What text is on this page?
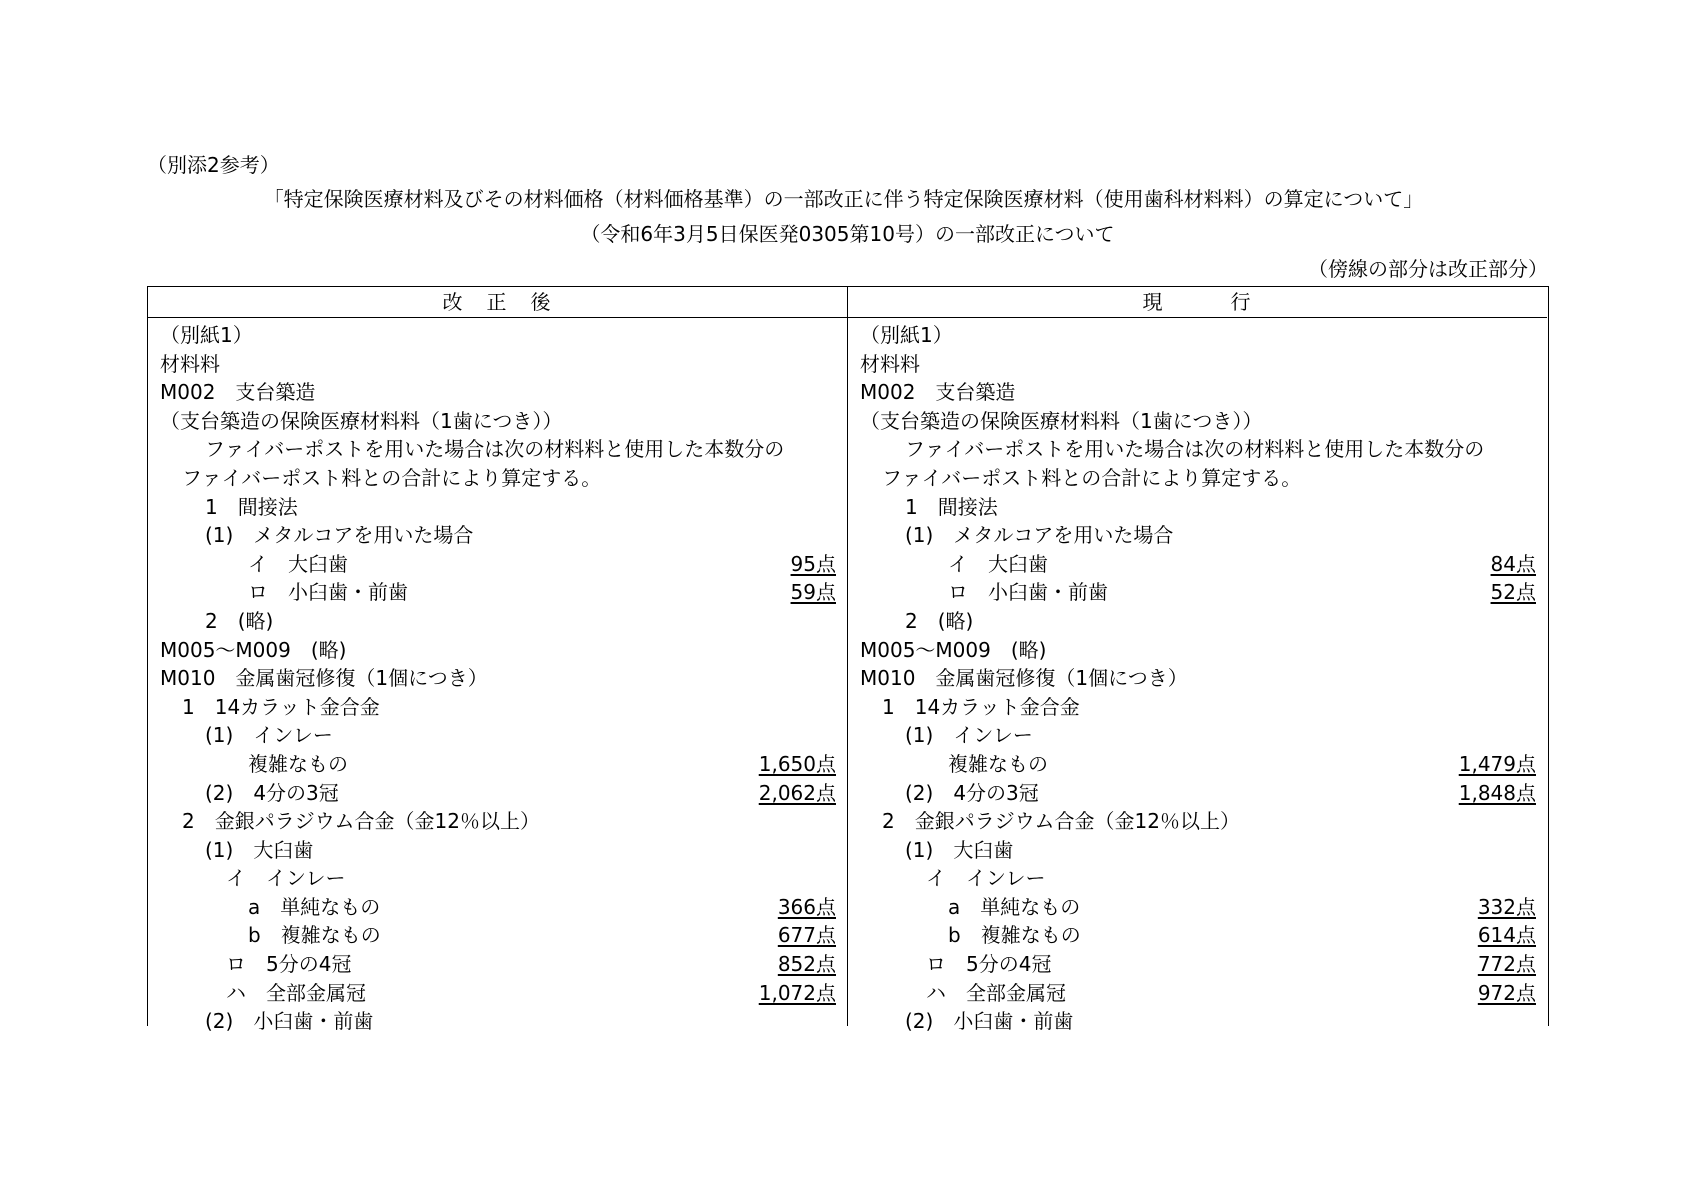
（別添2参考）
「特定保険医療材料及びその材料価格（材料価格基準）の一部改正に伴う特定保険医療材料（使用歯科材料料）の算定について」
（令和6年3月5日保医発0305第10号）の一部改正について
（傍線の部分は改正部分）
改　正　後
（別紙1）
材料料
M002　支台築造
（支台築造の保険医療材料料（1歯につき））
ファイバーポストを用いた場合は次の材料料と使用した本数分の
ファイバーポスト料との合計により算定する。
1　間接法
(1)　メタルコアを用いた場合
イ　大臼歯	95点
ロ　小臼歯・前歯	59点
2　(略)
M005～M009　(略)
M010　金属歯冠修復（1個につき）
1　14カラット金合金
(1)　インレー
複雑なもの	1,650点
(2)　4分の3冠	2,062点
2　金銀パラジウム合金（金12％以上）
(1)　大臼歯
イ　インレー
a　単純なもの	366点
b　複雑なもの	677点
ロ　5分の4冠	852点
ハ　全部金属冠	1,072点
(2)　小臼歯・前歯
現　　　行
（別紙1）
材料料
M002　支台築造
（支台築造の保険医療材料料（1歯につき））
ファイバーポストを用いた場合は次の材料料と使用した本数分の
ファイバーポスト料との合計により算定する。
1　間接法
(1)　メタルコアを用いた場合
イ　大臼歯	84点
ロ　小臼歯・前歯	52点
2　(略)
M005～M009　(略)
M010　金属歯冠修復（1個につき）
1　14カラット金合金
(1)　インレー
複雑なもの	1,479点
(2)　4分の3冠	1,848点
2　金銀パラジウム合金（金12％以上）
(1)　大臼歯
イ　インレー
a　単純なもの	332点
b　複雑なもの	614点
ロ　5分の4冠	772点
ハ　全部金属冠	972点
(2)　小臼歯・前歯
